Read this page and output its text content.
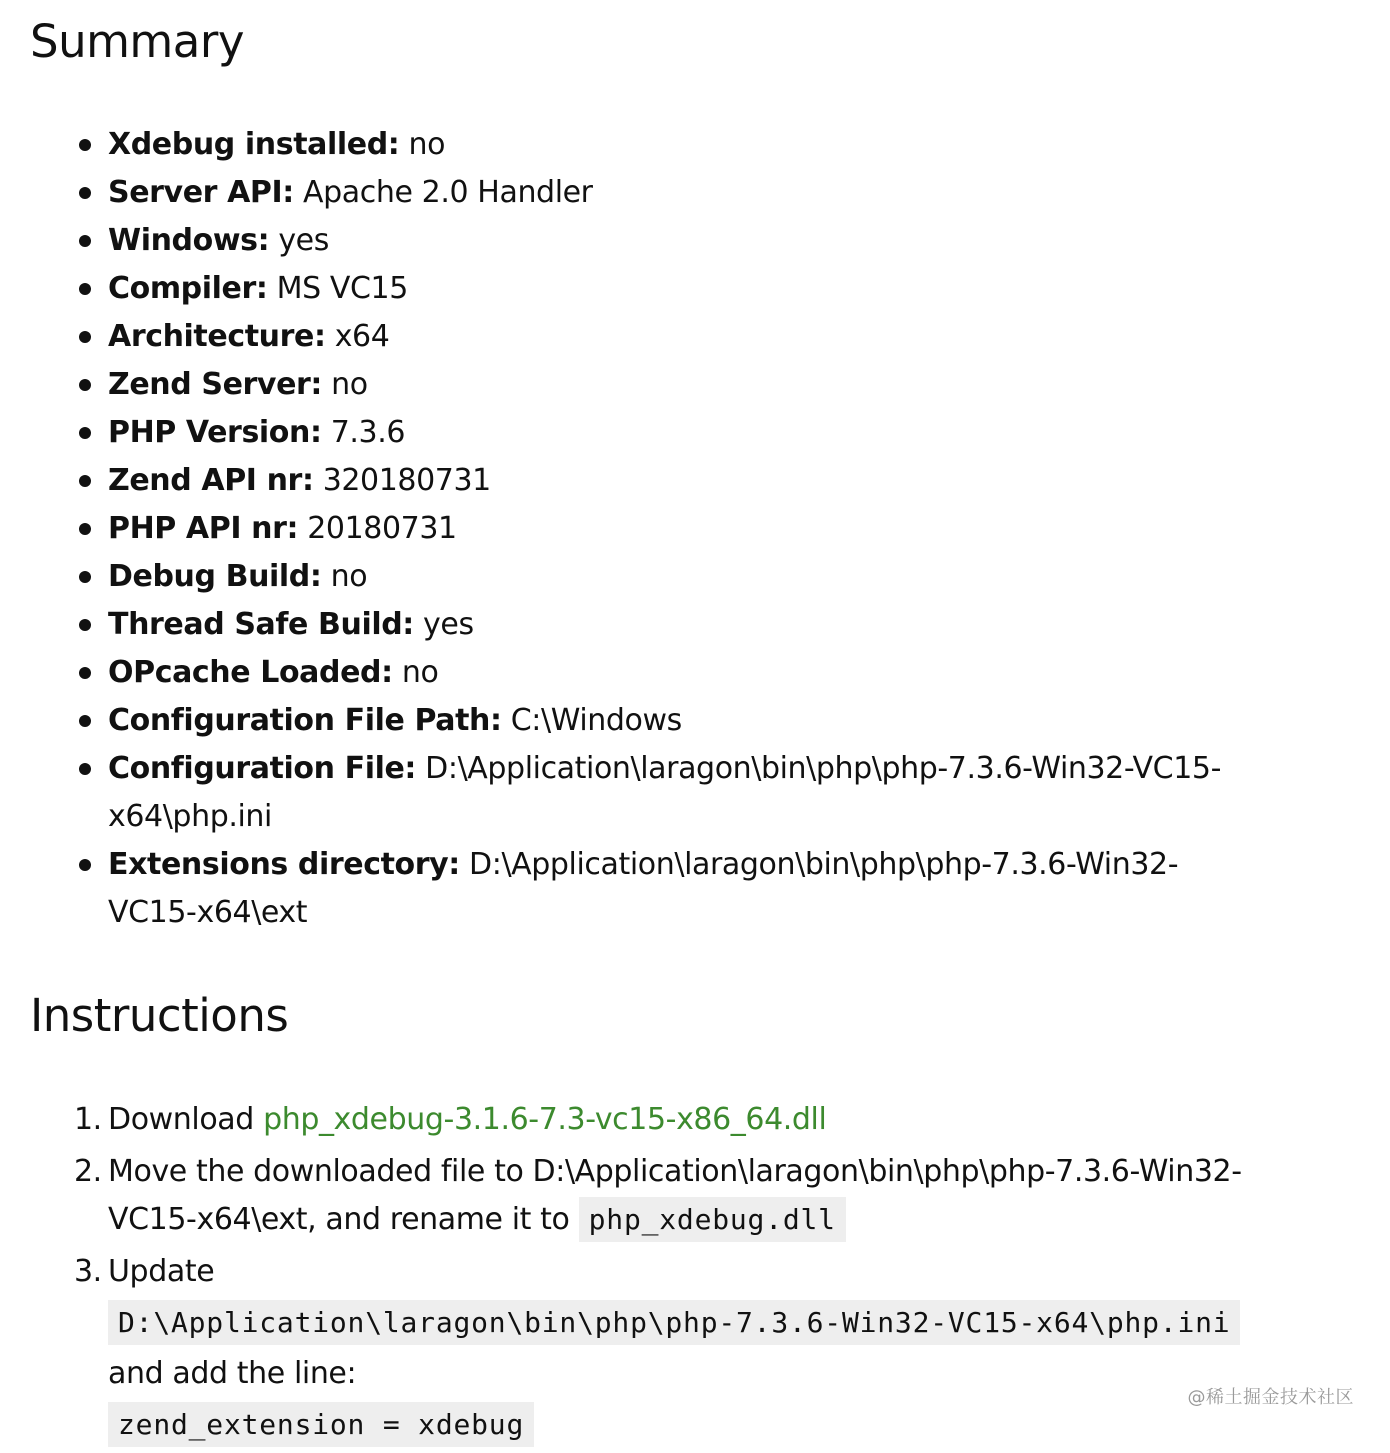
Summary
Xdebug installed: no
Server API: Apache 2.0 Handler
Windows: yes
Compiler: MS VC15
Architecture: x64
Zend Server: no
PHP Version: 7.3.6
Zend API nr: 320180731
PHP API nr: 20180731
Debug Build: no
Thread Safe Build: yes
OPcache Loaded: no
Configuration File Path: C:\Windows
Configuration File: D:\Application\laragon\bin\php\php-7.3.6-Win32-VC15-x64\php.ini
Extensions directory: D:\Application\laragon\bin\php\php-7.3.6-Win32-VC15-x64\ext
Instructions
1. Download php_xdebug-3.1.6-7.3-vc15-x86_64.dll
2. Move the downloaded file to D:\Application\laragon\bin\php\php-7.3.6-Win32-VC15-x64\ext, and rename it to php_xdebug.dll
3. Update
D:\Application\laragon\bin\php\php-7.3.6-Win32-VC15-x64\php.ini
and add the line:
zend_extension = xdebug
@稀土掘金技术社区
